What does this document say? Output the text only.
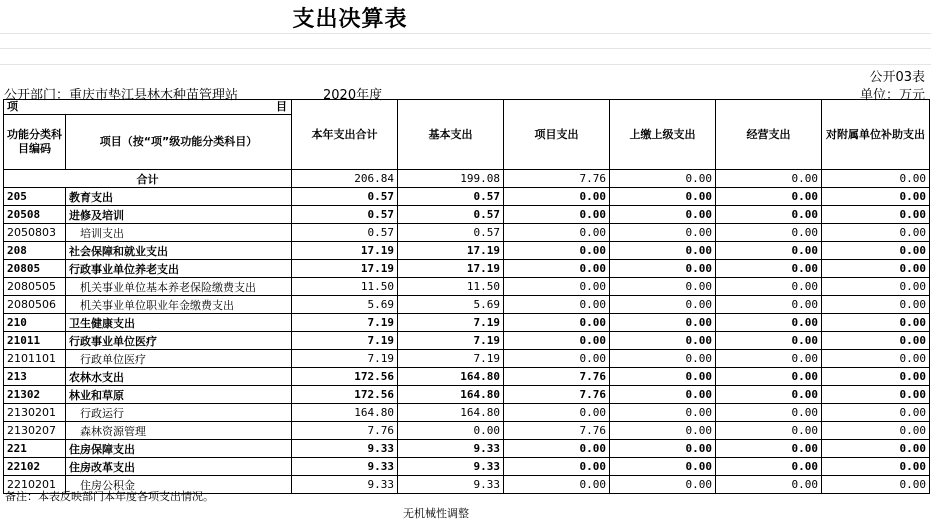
支出决算表
公开03表
公开部门：重庆市垫江县林木种苗管理站	2020年度	单位：万元
项 目		本年支出合计	基本支出	项目支出	上缴上级支出	经营支出	对附属单位补助支出
功能分类科目编码	项目（按“项”级功能分类科目）						
合计		206.84	199.08	7.76	0.00	0.00	0.00
205	教育支出	0.57	0.57	0.00	0.00	0.00	0.00
20508	进修及培训	0.57	0.57	0.00	0.00	0.00	0.00
2050803	培训支出	0.57	0.57	0.00	0.00	0.00	0.00
208	社会保障和就业支出	17.19	17.19	0.00	0.00	0.00	0.00
20805	行政事业单位养老支出	17.19	17.19	0.00	0.00	0.00	0.00
2080505	机关事业单位基本养老保险缴费支出	11.50	11.50	0.00	0.00	0.00	0.00
2080506	机关事业单位职业年金缴费支出	5.69	5.69	0.00	0.00	0.00	0.00
210	卫生健康支出	7.19	7.19	0.00	0.00	0.00	0.00
21011	行政事业单位医疗	7.19	7.19	0.00	0.00	0.00	0.00
2101101	行政单位医疗	7.19	7.19	0.00	0.00	0.00	0.00
213	农林水支出	172.56	164.80	7.76	0.00	0.00	0.00
21302	林业和草原	172.56	164.80	7.76	0.00	0.00	0.00
2130201	行政运行	164.80	164.80	0.00	0.00	0.00	0.00
2130207	森林资源管理	7.76	0.00	7.76	0.00	0.00	0.00
221	住房保障支出	9.33	9.33	0.00	0.00	0.00	0.00
22102	住房改革支出	9.33	9.33	0.00	0.00	0.00	0.00
2210201	住房公积金	9.33	9.33	0.00	0.00	0.00	0.00
备注：本表反映部门本年度各项支出情况。
无机械性调整
